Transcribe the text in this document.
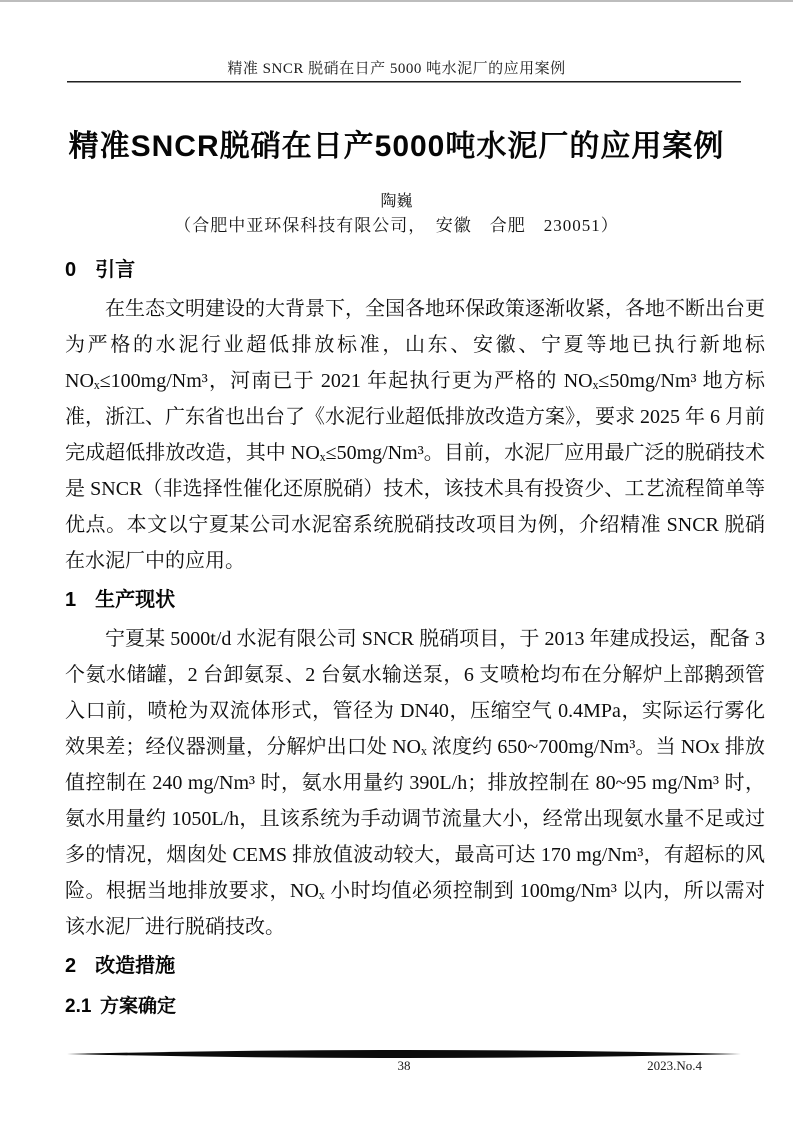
精准 SNCR 脱硝在日产 5000 吨水泥厂的应用案例
精准SNCR脱硝在日产5000吨水泥厂的应用案例
陶巍
（合肥中亚环保科技有限公司，　安徽　合肥　230051）
0 引言

在生态文明建设的大背景下，全国各地环保政策逐渐收紧，各地不断出台更为严格的水泥行业超低排放标准，山东、安徽、宁夏等地已执行新地标NOₓ≤100mg/Nm³，河南已于 2021 年起执行更为严格的 NOₓ≤50mg/Nm³ 地方标准，浙江、广东省也出台了《水泥行业超低排放改造方案》，要求 2025 年 6 月前完成超低排放改造，其中 NOₓ≤50mg/Nm³。目前，水泥厂应用最广泛的脱硝技术是 SNCR（非选择性催化还原脱硝）技术，该技术具有投资少、工艺流程简单等优点。本文以宁夏某公司水泥窑系统脱硝技改项目为例，介绍精准 SNCR 脱硝在水泥厂中的应用。

1 生产现状

宁夏某 5000t/d 水泥有限公司 SNCR 脱硝项目，于 2013 年建成投运，配备 3 个氨水储罐，2 台卸氨泵、2 台氨水输送泵，6 支喷枪均布在分解炉上部鹅颈管入口前，喷枪为双流体形式，管径为 DN40，压缩空气 0.4MPa，实际运行雾化效果差；经仪器测量，分解炉出口处 NOₓ 浓度约 650~700mg/Nm³。当 NOx 排放值控制在 240 mg/Nm³ 时，氨水用量约 390L/h；排放控制在 80~95 mg/Nm³ 时，氨水用量约 1050L/h，且该系统为手动调节流量大小，经常出现氨水量不足或过多的情况，烟囱处 CEMS 排放值波动较大，最高可达 170 mg/Nm³，有超标的风险。根据当地排放要求，NOₓ 小时均值必须控制到 100mg/Nm³ 以内，所以需对该水泥厂进行脱硝技改。

2 改造措施
2.1 方案确定
38	2023.No.4
